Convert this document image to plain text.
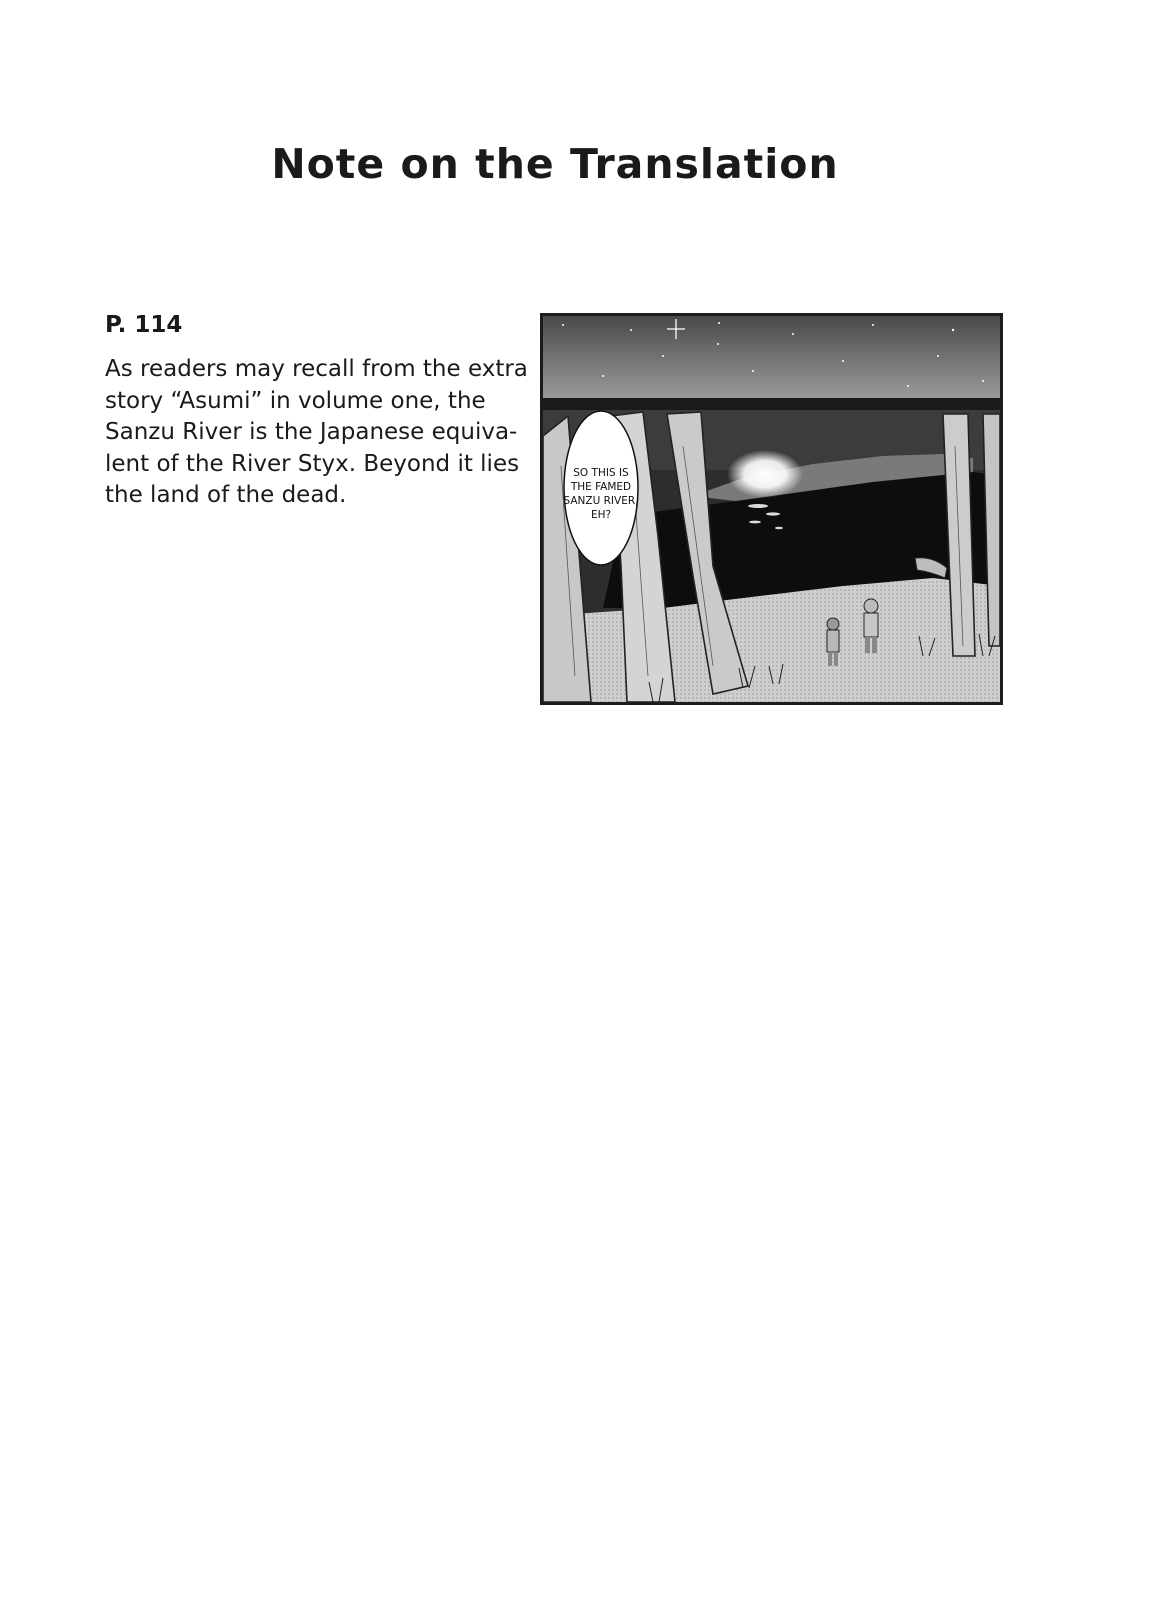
Note on the Translation
P. 114

As readers may recall from the extra
story “Asumi” in volume one, the
Sanzu River is the Japanese equiva-
lent of the River Styx. Beyond it lies
the land of the dead.

SO THIS IS
THE FAMED
SANZU RIVER,
EH?
